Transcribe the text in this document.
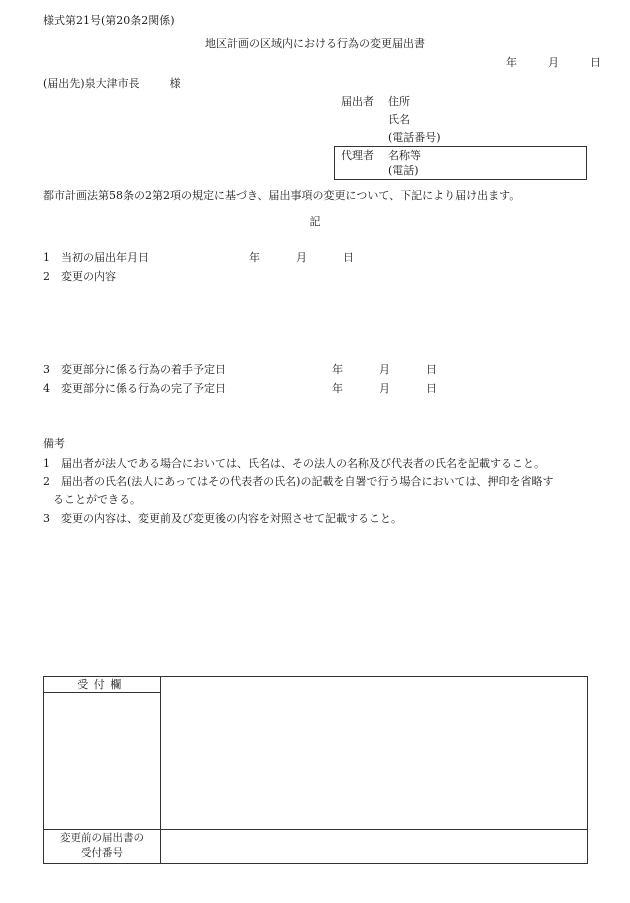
様式第21号(第20条2関係)
地区計画の区域内における行為の変更届出書
年	月	日
(届出先)泉大津市長	様
届出者 住所
氏名
(電話番号)
代理者 名称等
(電話)
都市計画法第58条の2第2項の規定に基づき、届出事項の変更について、下記により届け出ます。
記
1 当初の届出年月日	年	月	日
2 変更の内容
3 変更部分に係る行為の着手予定日	年	月	日
4 変更部分に係る行為の完了予定日	年	月	日
備考
1 届出者が法人である場合においては、氏名は、その法人の名称及び代表者の氏名を記載すること。
2 届出者の氏名(法人にあってはその代表者の氏名)の記載を自署で行う場合においては、押印を省略す
ることができる。
3 変更の内容は、変更前及び変更後の内容を対照させて記載すること。
受付欄	

変更前の届出書の
受付番号	
